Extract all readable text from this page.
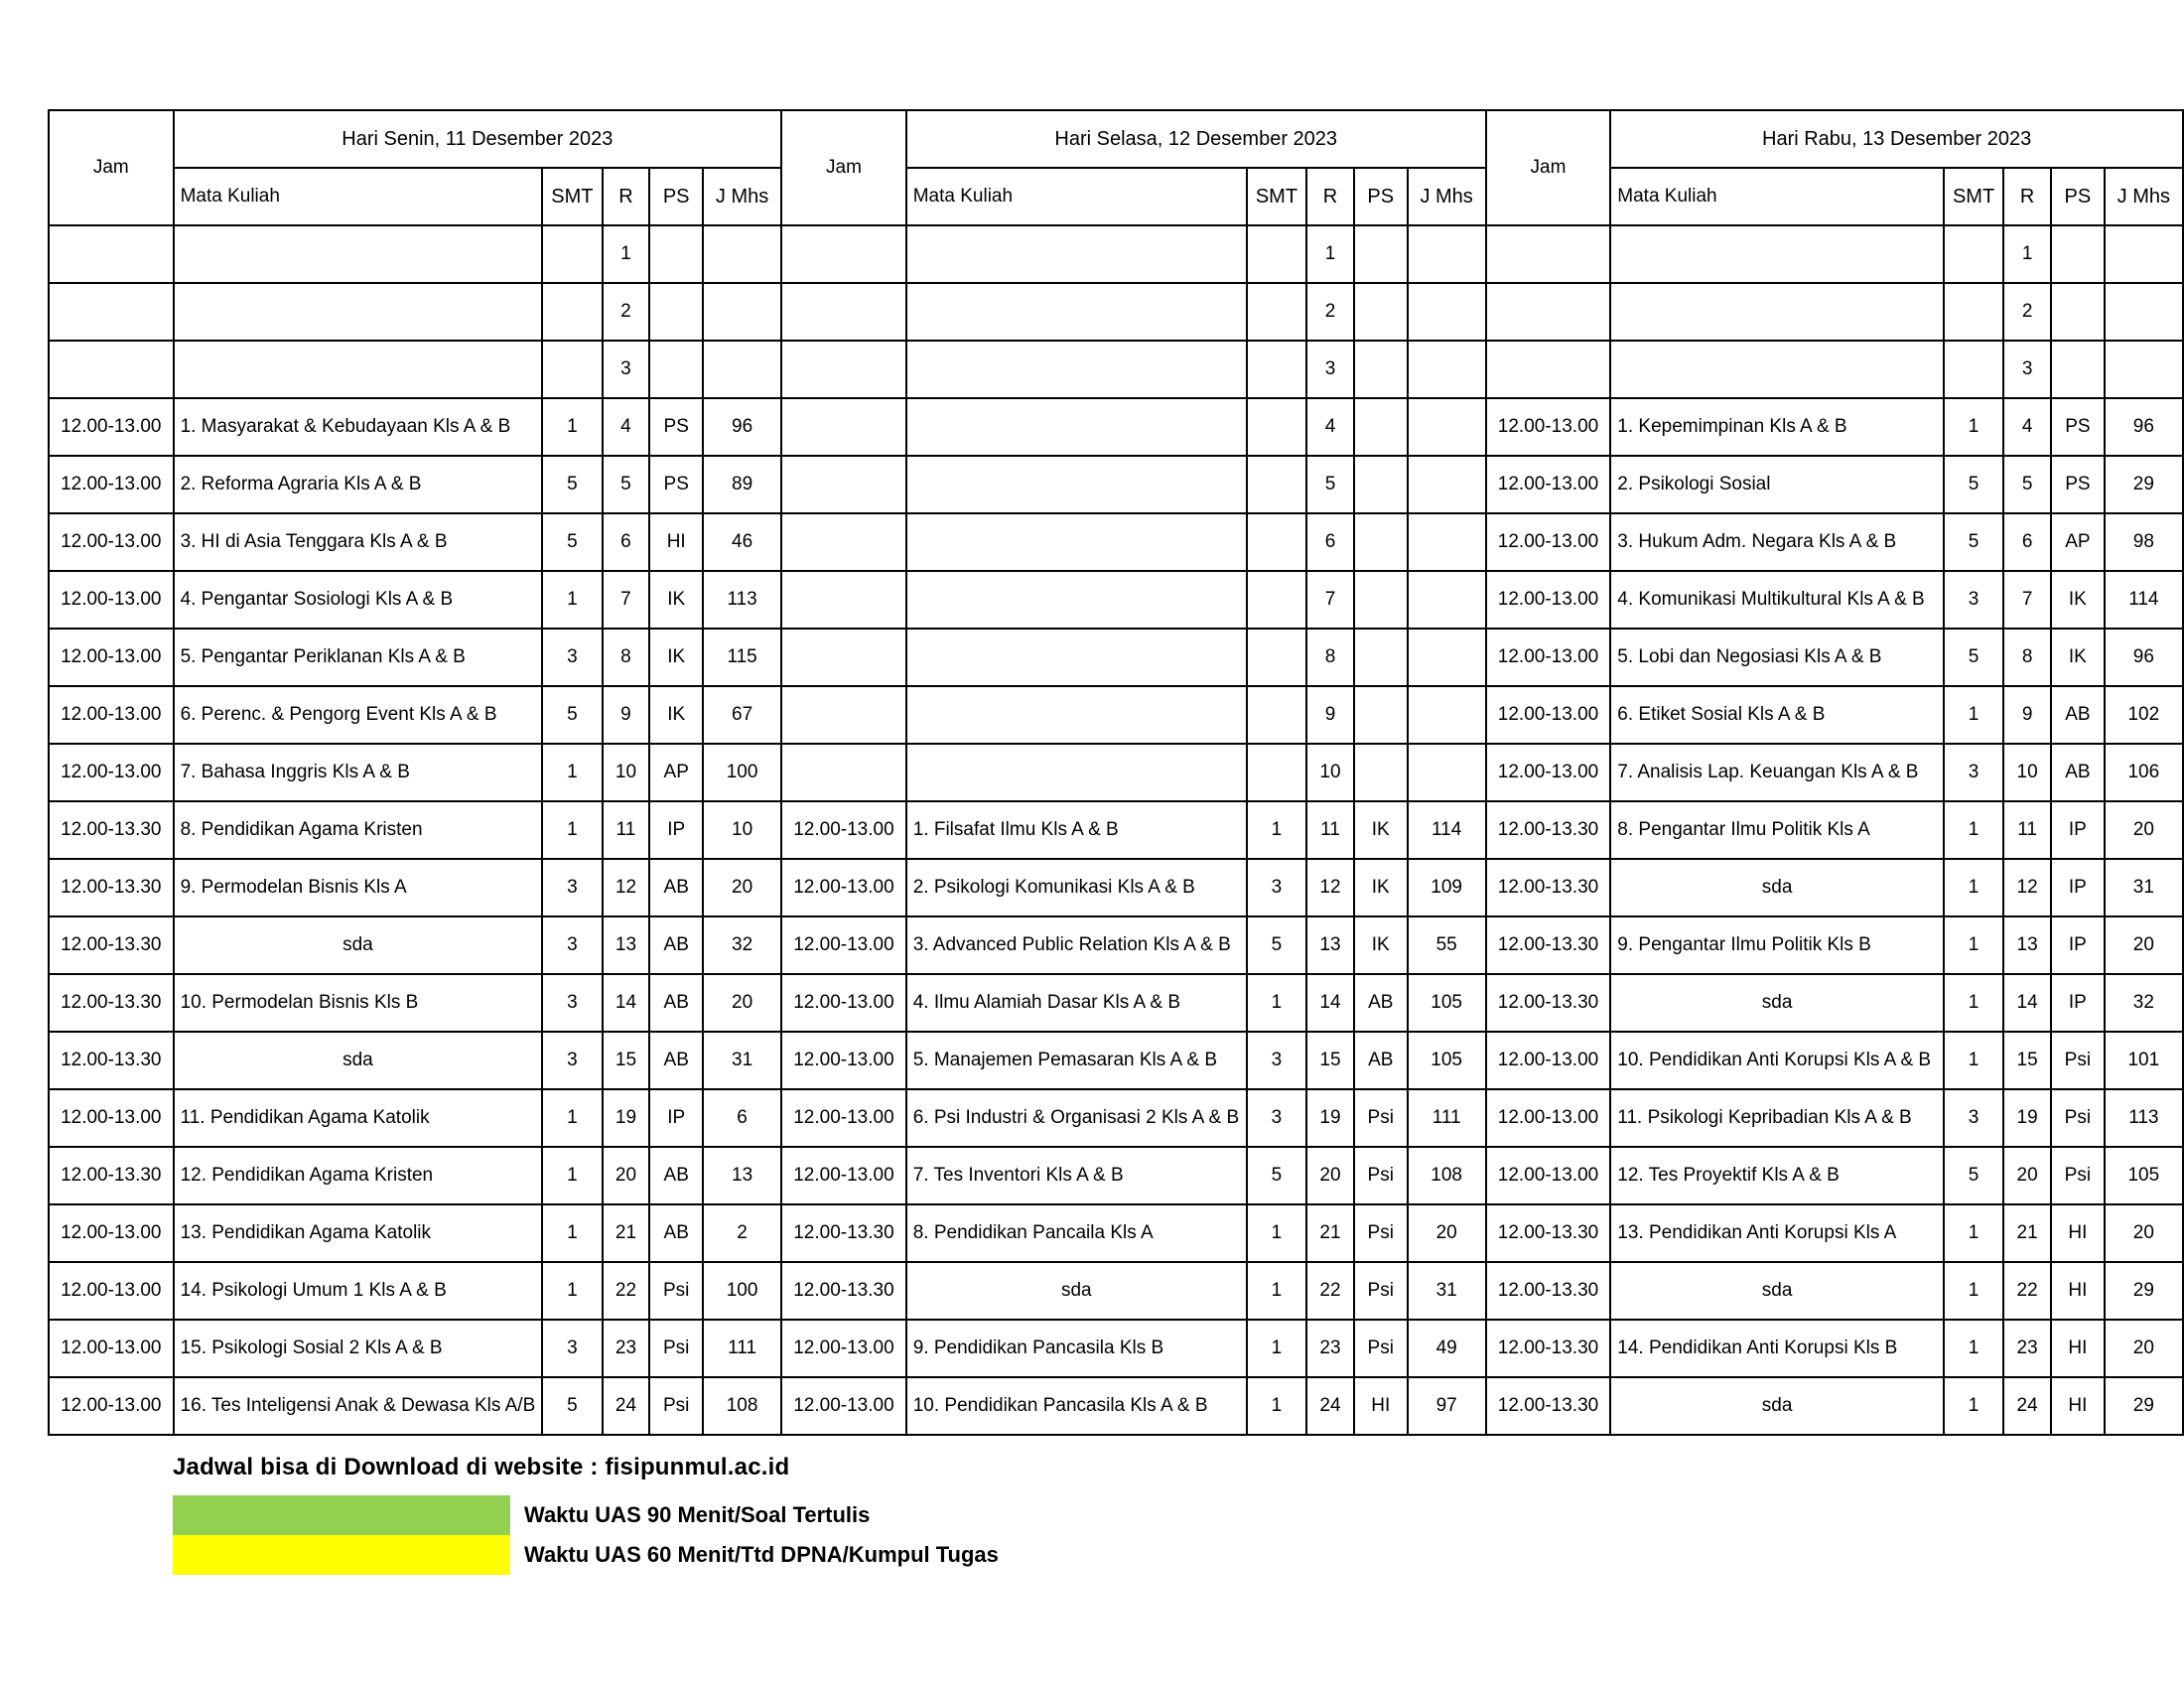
Jam	Hari Senin, 11 Desember 2023					Jam	Hari Selasa, 12 Desember 2023					Jam	Hari Rabu, 13 Desember 2023				
	Mata Kuliah	SMT	R	PS	J Mhs		Mata Kuliah	SMT	R	PS	J Mhs		Mata Kuliah	SMT	R	PS	J Mhs
			1						1						1		
			2						2						2		
			3						3						3		
12.00-13.00	1. Masyarakat & Kebudayaan Kls A & B	1	4	PS	96				4			12.00-13.00	1. Kepemimpinan Kls A & B	1	4	PS	96
12.00-13.00	2. Reforma Agraria Kls A & B	5	5	PS	89				5			12.00-13.00	2. Psikologi Sosial	5	5	PS	29
12.00-13.00	3. HI di Asia Tenggara Kls A & B	5	6	HI	46				6			12.00-13.00	3. Hukum Adm. Negara Kls A & B	5	6	AP	98
12.00-13.00	4. Pengantar Sosiologi Kls A & B	1	7	IK	113				7			12.00-13.00	4. Komunikasi Multikultural Kls A & B	3	7	IK	114
12.00-13.00	5. Pengantar Periklanan Kls A & B	3	8	IK	115				8			12.00-13.00	5. Lobi dan Negosiasi Kls A & B	5	8	IK	96
12.00-13.00	6. Perenc. & Pengorg Event Kls A & B	5	9	IK	67				9			12.00-13.00	6. Etiket Sosial Kls A & B	1	9	AB	102
12.00-13.00	7. Bahasa Inggris Kls A & B	1	10	AP	100				10			12.00-13.00	7. Analisis Lap. Keuangan Kls A & B	3	10	AB	106
12.00-13.30	8. Pendidikan Agama Kristen	1	11	IP	10	12.00-13.00	1. Filsafat Ilmu Kls A & B	1	11	IK	114	12.00-13.30	8. Pengantar Ilmu Politik Kls A	1	11	IP	20
12.00-13.30	9. Permodelan Bisnis Kls A	3	12	AB	20	12.00-13.00	2. Psikologi Komunikasi Kls A & B	3	12	IK	109	12.00-13.30	sda	1	12	IP	31
12.00-13.30	sda	3	13	AB	32	12.00-13.00	3. Advanced Public Relation Kls A & B	5	13	IK	55	12.00-13.30	9. Pengantar Ilmu Politik Kls B	1	13	IP	20
12.00-13.30	10. Permodelan Bisnis Kls B	3	14	AB	20	12.00-13.00	4. Ilmu Alamiah Dasar Kls A & B	1	14	AB	105	12.00-13.30	sda	1	14	IP	32
12.00-13.30	sda	3	15	AB	31	12.00-13.00	5. Manajemen Pemasaran Kls A & B	3	15	AB	105	12.00-13.00	10. Pendidikan Anti Korupsi Kls A & B	1	15	Psi	101
12.00-13.00	11. Pendidikan Agama Katolik	1	19	IP	6	12.00-13.00	6. Psi Industri & Organisasi 2 Kls A & B	3	19	Psi	111	12.00-13.00	11. Psikologi Kepribadian Kls A & B	3	19	Psi	113
12.00-13.30	12. Pendidikan Agama Kristen	1	20	AB	13	12.00-13.00	7. Tes Inventori Kls A & B	5	20	Psi	108	12.00-13.00	12. Tes Proyektif Kls A & B	5	20	Psi	105
12.00-13.00	13. Pendidikan Agama Katolik	1	21	AB	2	12.00-13.30	8. Pendidikan Pancaila Kls A	1	21	Psi	20	12.00-13.30	13. Pendidikan Anti Korupsi Kls A	1	21	HI	20
12.00-13.00	14. Psikologi Umum 1 Kls A & B	1	22	Psi	100	12.00-13.30	sda	1	22	Psi	31	12.00-13.30	sda	1	22	HI	29
12.00-13.00	15. Psikologi Sosial 2 Kls A & B	3	23	Psi	111	12.00-13.00	9. Pendidikan Pancasila Kls B	1	23	Psi	49	12.00-13.30	14. Pendidikan Anti Korupsi Kls B	1	23	HI	20
12.00-13.00	16. Tes Inteligensi Anak & Dewasa Kls A/B	5	24	Psi	108	12.00-13.00	10. Pendidikan Pancasila Kls A & B	1	24	HI	97	12.00-13.30	sda	1	24	HI	29
Jadwal bisa di Download di website : fisipunmul.ac.id
Waktu UAS 90 Menit/Soal Tertulis
Waktu UAS 60 Menit/Ttd DPNA/Kumpul Tugas
